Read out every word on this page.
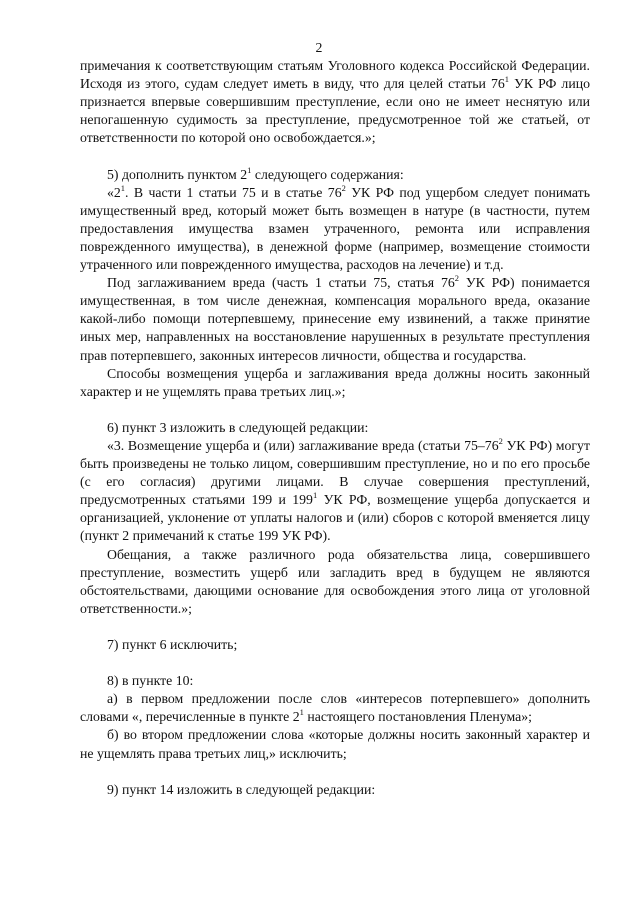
2

примечания к соответствующим статьям Уголовного кодекса Российской Федерации. Исходя из этого, судам следует иметь в виду, что для целей статьи $76^1$ УК РФ лицо признается впервые совершившим преступление, если оно не имеет неснятую или непогашенную судимость за преступление, предусмотренное той же статьей, от ответственности по которой оно освобождается.»;

5) дополнить пунктом $2^1$ следующего содержания:

«$2^1$. В части 1 статьи 75 и в статье $76^2$ УК РФ под ущербом следует понимать имущественный вред, который может быть возмещен в натуре (в частности, путем предоставления имущества взамен утраченного, ремонта или исправления поврежденного имущества), в денежной форме (например, возмещение стоимости утраченного или поврежденного имущества, расходов на лечение) и т.д.

Под заглаживанием вреда (часть 1 статьи 75, статья $76^2$ УК РФ) понимается имущественная, в том числе денежная, компенсация морального вреда, оказание какой-либо помощи потерпевшему, принесение ему извинений, а также принятие иных мер, направленных на восстановление нарушенных в результате преступления прав потерпевшего, законных интересов личности, общества и государства.

Способы возмещения ущерба и заглаживания вреда должны носить законный характер и не ущемлять права третьих лиц.»;

6) пункт 3 изложить в следующей редакции:

«3. Возмещение ущерба и (или) заглаживание вреда (статьи $75-76^2$ УК РФ) могут быть произведены не только лицом, совершившим преступление, но и по его просьбе (с его согласия) другими лицами. В случае совершения преступлений, предусмотренных статьями 199 и $199^1$ УК РФ, возмещение ущерба допускается и организацией, уклонение от уплаты налогов и (или) сборов с которой вменяется лицу (пункт 2 примечаний к статье 199 УК РФ).

Обещания, а также различного рода обязательства лица, совершившего преступление, возместить ущерб или загладить вред в будущем не являются обстоятельствами, дающими основание для освобождения этого лица от уголовной ответственности.»;

7) пункт 6 исключить;

8) в пункте 10:

а) в первом предложении после слов «интересов потерпевшего» дополнить словами «, перечисленные в пункте $2^1$ настоящего постановления Пленума»;

б) во втором предложении слова «которые должны носить законный характер и не ущемлять права третьих лиц,» исключить;

9) пункт 14 изложить в следующей редакции:
